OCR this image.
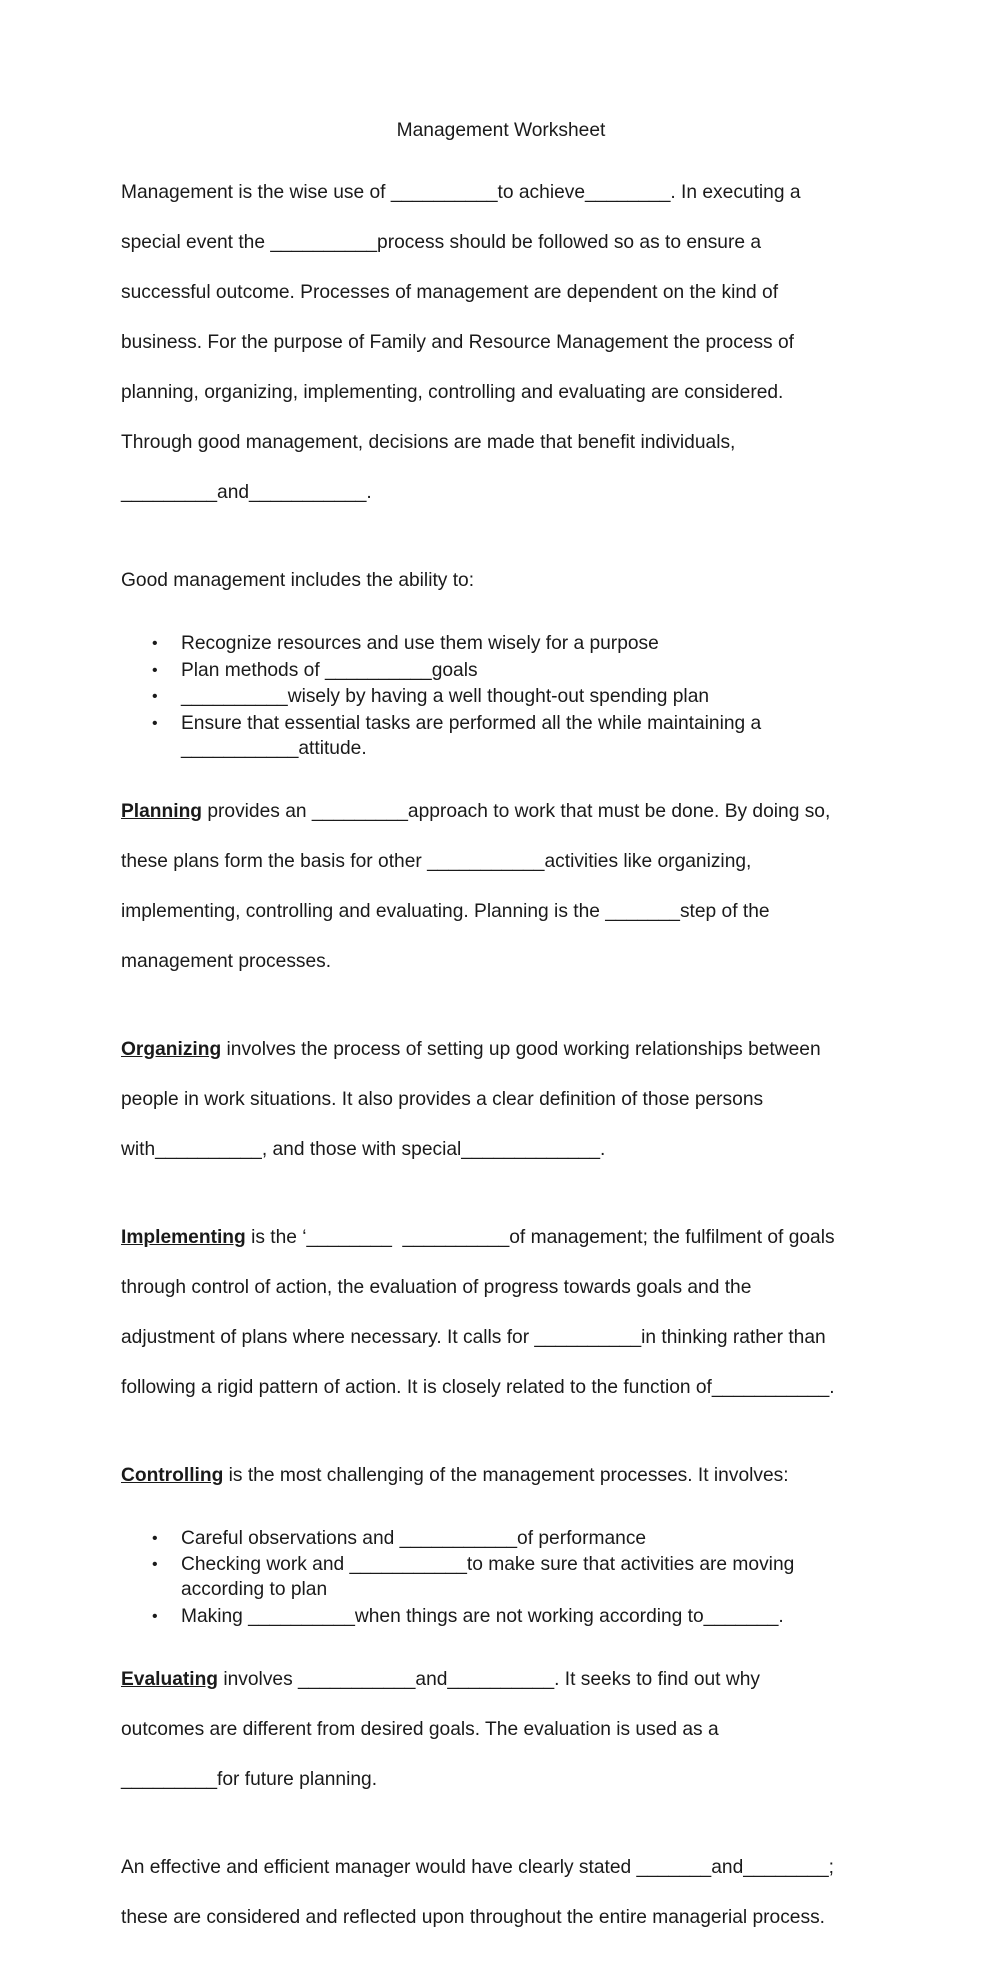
Management Worksheet

Management is the wise use of __________to achieve________. In executing a

special event the __________process should be followed so as to ensure a

successful outcome. Processes of management are dependent on the kind of

business. For the purpose of Family and Resource Management the process of

planning, organizing, implementing, controlling and evaluating are considered.

Through good management, decisions are made that benefit individuals,

_________and___________.

Good management includes the ability to:

• Recognize resources and use them wisely for a purpose
• Plan methods of __________goals
• __________wisely by having a well thought-out spending plan
• Ensure that essential tasks are performed all the while maintaining a
___________attitude.

Planning provides an _________approach to work that must be done. By doing so,

these plans form the basis for other ___________activities like organizing,

implementing, controlling and evaluating. Planning is the _______step of the

management processes.

Organizing involves the process of setting up good working relationships between

people in work situations. It also provides a clear definition of those persons

with__________, and those with special_____________.

Implementing is the ‘________  __________of management; the fulfilment of goals

through control of action, the evaluation of progress towards goals and the

adjustment of plans where necessary. It calls for __________in thinking rather than

following a rigid pattern of action. It is closely related to the function of___________.

Controlling is the most challenging of the management processes. It involves:

• Careful observations and ___________of performance
• Checking work and ___________to make sure that activities are moving
according to plan
• Making __________when things are not working according to_______.

Evaluating involves ___________and__________. It seeks to find out why

outcomes are different from desired goals. The evaluation is used as a

_________for future planning.

An effective and efficient manager would have clearly stated _______and________;

these are considered and reflected upon throughout the entire managerial process.
